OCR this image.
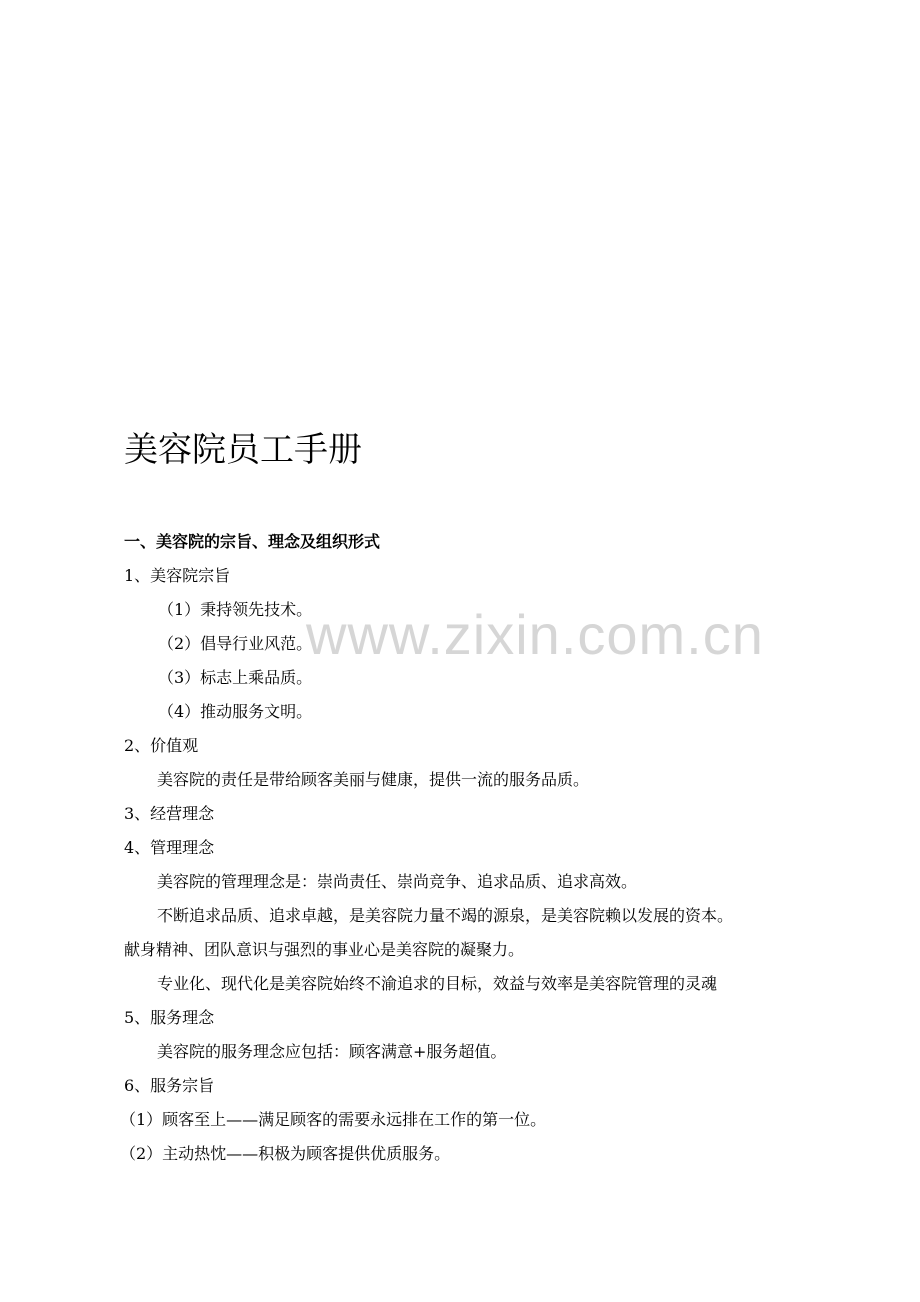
www.zixin.com.cn
美容院员工手册

一、美容院的宗旨、理念及组织形式

1、美容院宗旨

（1）秉持领先技术。

（2）倡导行业风范。

（3）标志上乘品质。

（4）推动服务文明。

2、价值观

美容院的责任是带给顾客美丽与健康，提供一流的服务品质。

3、经营理念

4、管理理念

美容院的管理理念是：崇尚责任、崇尚竞争、追求品质、追求高效。

不断追求品质、追求卓越，是美容院力量不竭的源泉，是美容院赖以发展的资本。

献身精神、团队意识与强烈的事业心是美容院的凝聚力。

专业化、现代化是美容院始终不渝追求的目标，效益与效率是美容院管理的灵魂

5、服务理念

美容院的服务理念应包括：顾客满意+服务超值。

6、服务宗旨

（1）顾客至上——满足顾客的需要永远排在工作的第一位。

（2）主动热忱——积极为顾客提供优质服务。
